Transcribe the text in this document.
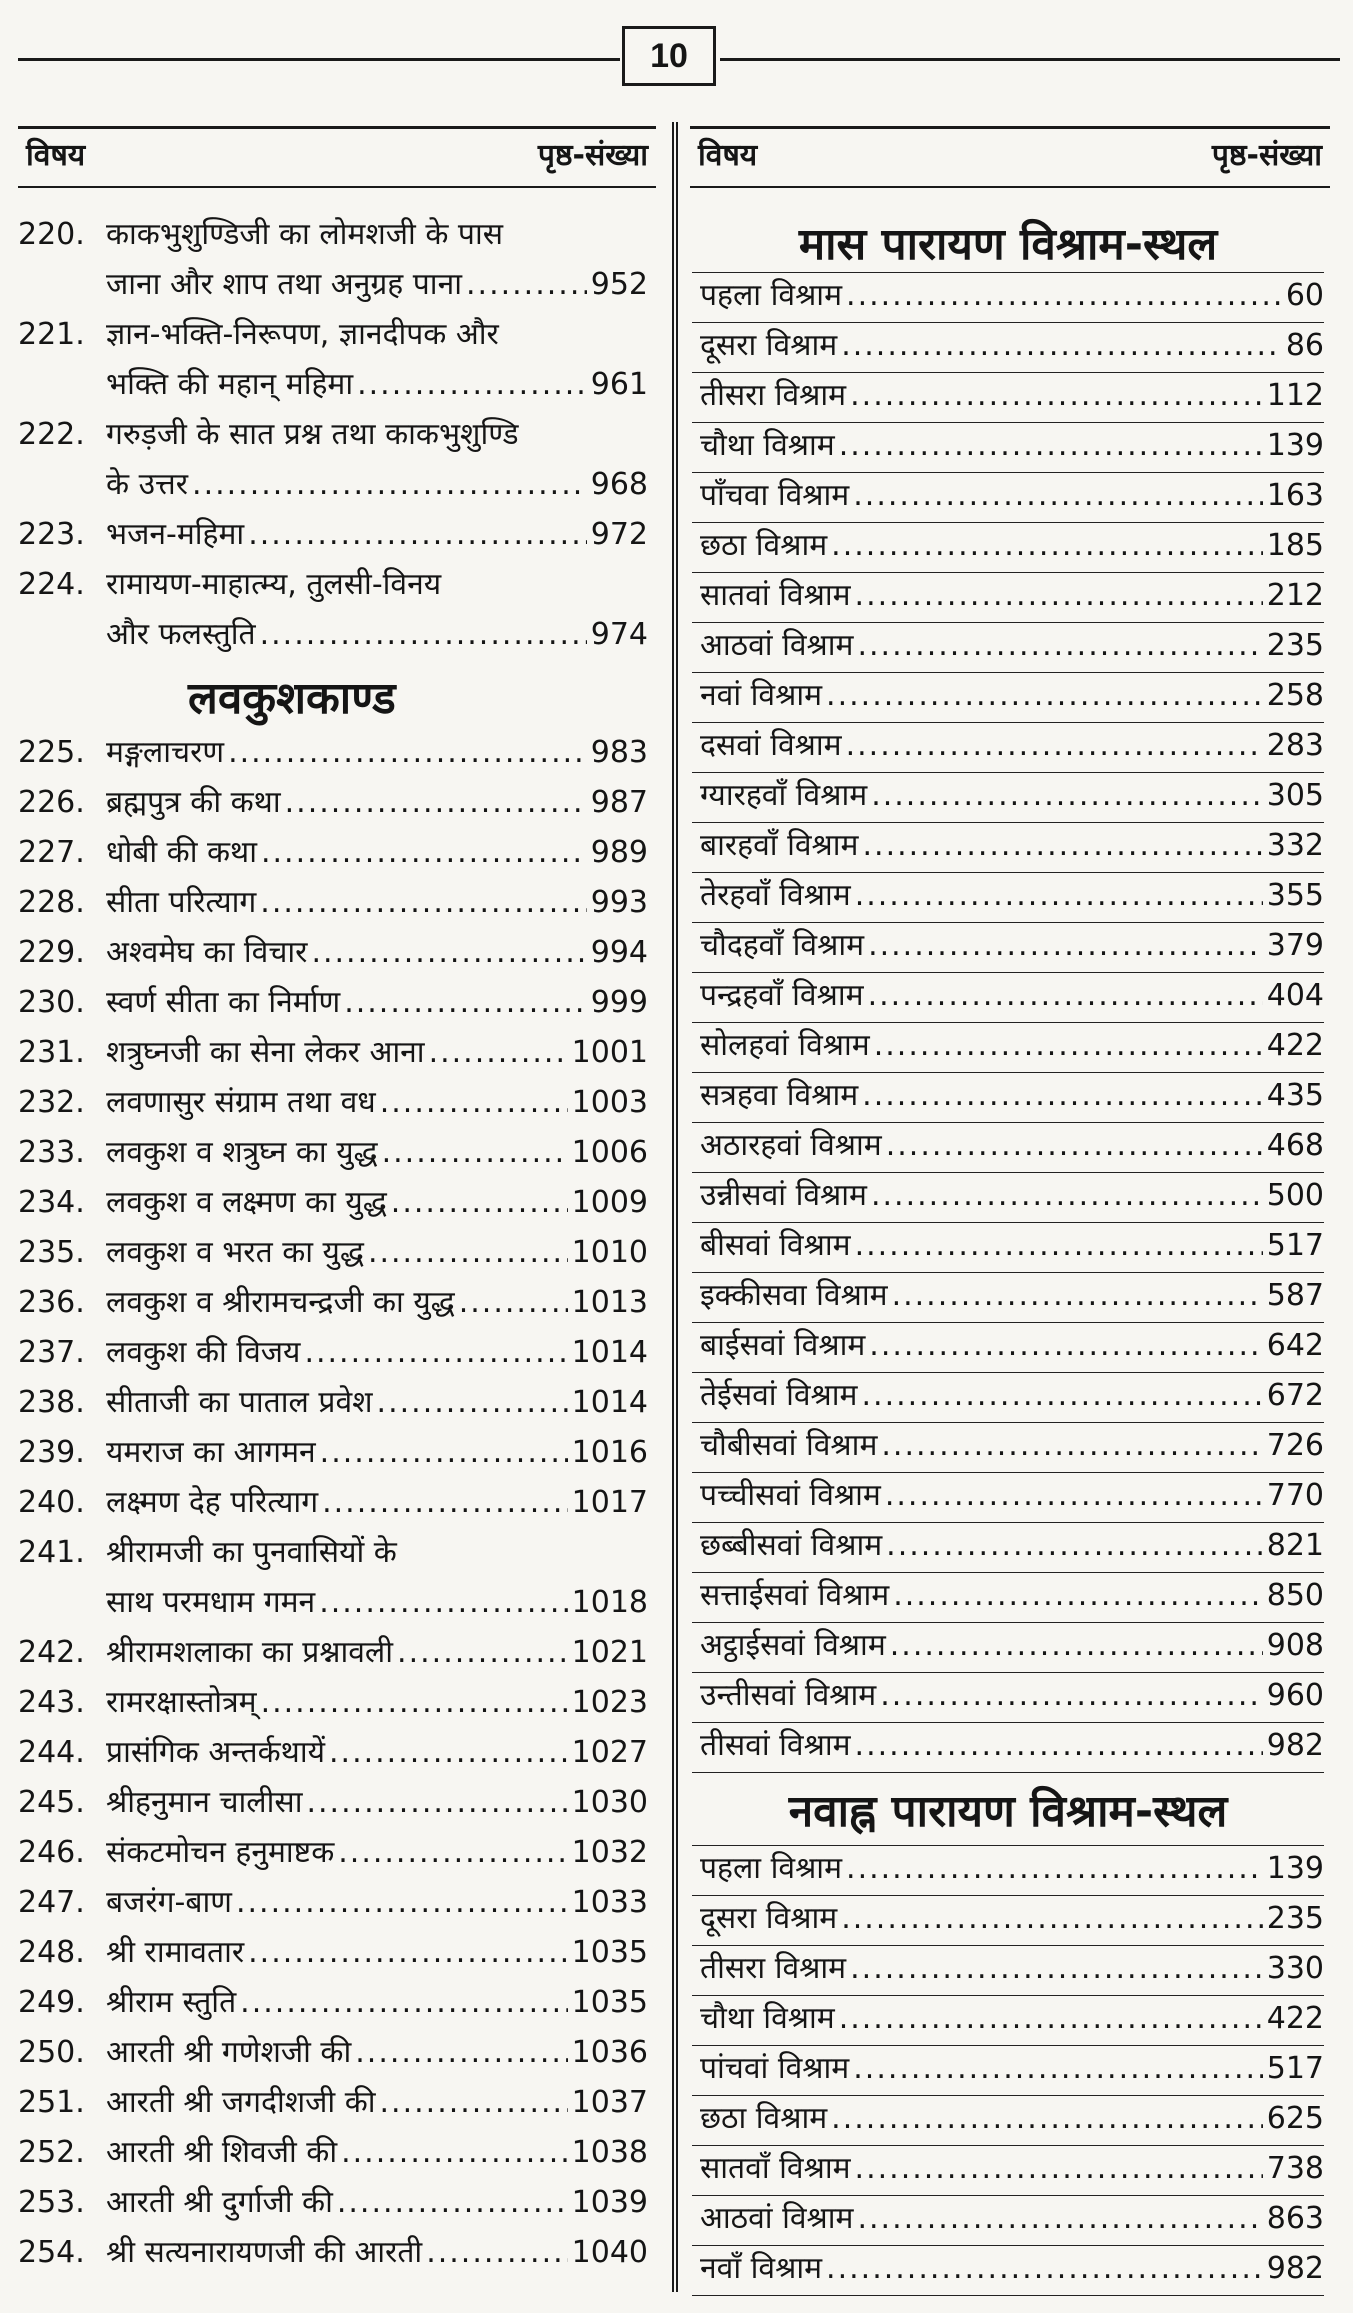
10
विषय	पृष्ठ-संख्या विषय	पृष्ठ-संख्या
220. काकभुशुण्डिजी का लोमशजी के पास
जाना और शाप तथा अनुग्रह पाना .....	952
221. ज्ञान-भक्ति-निरूपण, ज्ञानदीपक और
भक्ति की महान् महिमा .....	961
222. गरुड़जी के सात प्रश्न तथा काकभुशुण्डि
के उत्तर .....	968
223. भजन-महिमा .....	972
224. रामायण-माहात्म्य, तुलसी-विनय
और फलस्तुति .....	974
लवकुशकाण्ड
225. मङ्गलाचरण .....	983
226. ब्रह्मपुत्र की कथा .....	987
227. धोबी की कथा .....	989
228. सीता परित्याग .....	993
229. अश्वमेघ का विचार .....	994
230. स्वर्ण सीता का निर्माण .....	999
231. शत्रुघ्नजी का सेना लेकर आना .....	1001
232. लवणासुर संग्राम तथा वध .....	1003
233. लवकुश व शत्रुघ्न का युद्ध .....	1006
234. लवकुश व लक्ष्मण का युद्ध .....	1009
235. लवकुश व भरत का युद्ध .....	1010
236. लवकुश व श्रीरामचन्द्रजी का युद्ध .....	1013
237. लवकुश की विजय .....	1014
238. सीताजी का पाताल प्रवेश .....	1014
239. यमराज का आगमन .....	1016
240. लक्ष्मण देह परित्याग .....	1017
241. श्रीरामजी का पुनवासियों के
साथ परमधाम गमन .....	1018
242. श्रीरामशलाका का प्रश्नावली .....	1021
243. रामरक्षास्तोत्रम् .....	1023
244. प्रासंगिक अन्तर्कथायें .....	1027
245. श्रीहनुमान चालीसा .....	1030
246. संकटमोचन हनुमाष्टक .....	1032
247. बजरंग-बाण .....	1033
248. श्री रामावतार .....	1035
249. श्रीराम स्तुति .....	1035
250. आरती श्री गणेशजी की .....	1036
251. आरती श्री जगदीशजी की .....	1037
252. आरती श्री शिवजी की .....	1038
253. आरती श्री दुर्गाजी की .....	1039
254. श्री सत्यनारायणजी की आरती .....	1040
मास पारायण विश्राम-स्थल
पहला विश्राम .....	60
दूसरा विश्राम .....	86
तीसरा विश्राम .....	112
चौथा विश्राम .....	139
पाँचवा विश्राम .....	163
छठा विश्राम .....	185
सातवां विश्राम .....	212
आठवां विश्राम .....	235
नवां विश्राम .....	258
दसवां विश्राम .....	283
ग्यारहवाँ विश्राम .....	305
बारहवाँ विश्राम .....	332
तेरहवाँ विश्राम .....	355
चौदहवाँ विश्राम .....	379
पन्द्रहवाँ विश्राम .....	404
सोलहवां विश्राम .....	422
सत्रहवा विश्राम .....	435
अठारहवां विश्राम .....	468
उन्नीसवां विश्राम .....	500
बीसवां विश्राम .....	517
इक्कीसवा विश्राम .....	587
बाईसवां विश्राम .....	642
तेईसवां विश्राम .....	672
चौबीसवां विश्राम .....	726
पच्चीसवां विश्राम .....	770
छब्बीसवां विश्राम .....	821
सत्ताईसवां विश्राम .....	850
अट्ठाईसवां विश्राम .....	908
उन्तीसवां विश्राम .....	960
तीसवां विश्राम .....	982
नवाह्न पारायण विश्राम-स्थल
पहला विश्राम .....	139
दूसरा विश्राम .....	235
तीसरा विश्राम .....	330
चौथा विश्राम .....	422
पांचवां विश्राम .....	517
छठा विश्राम .....	625
सातवाँ विश्राम .....	738
आठवां विश्राम .....	863
नवाँ विश्राम .....	982
